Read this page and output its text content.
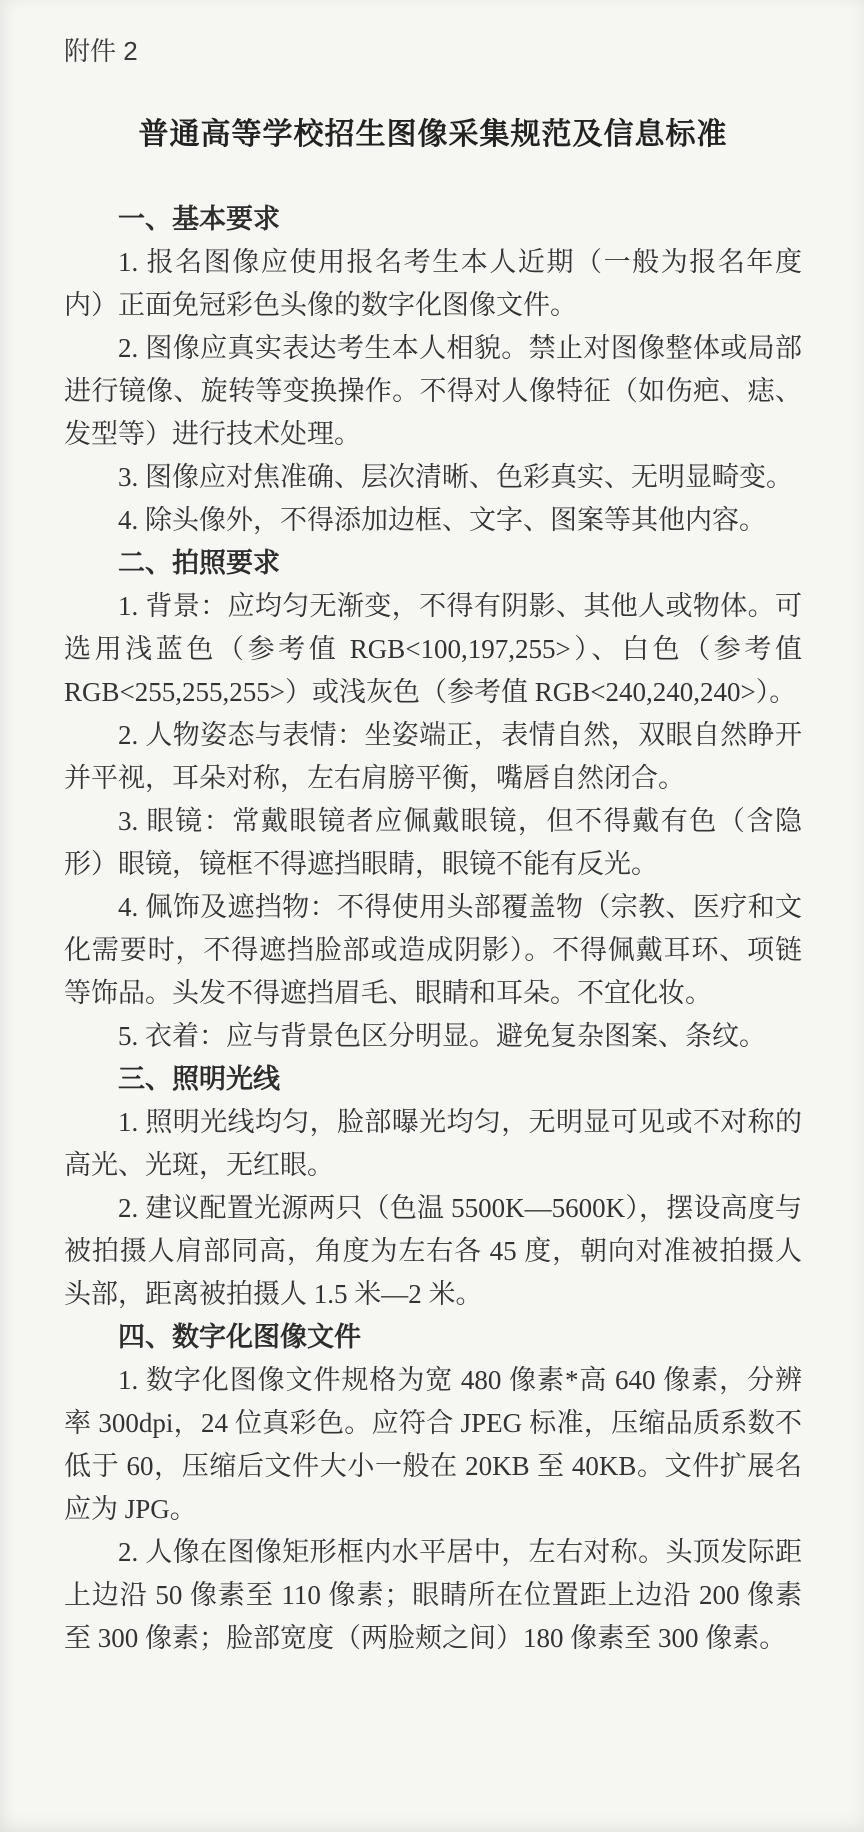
附件 2
普通高等学校招生图像采集规范及信息标准
一、基本要求

1. 报名图像应使用报名考生本人近期（一般为报名年度内）正面免冠彩色头像的数字化图像文件。

2. 图像应真实表达考生本人相貌。禁止对图像整体或局部进行镜像、旋转等变换操作。不得对人像特征（如伤疤、痣、发型等）进行技术处理。

3. 图像应对焦准确、层次清晰、色彩真实、无明显畸变。

4. 除头像外，不得添加边框、文字、图案等其他内容。

二、拍照要求

1. 背景：应均匀无渐变，不得有阴影、其他人或物体。可选用浅蓝色（参考值 RGB<100,197,255>）、白色（参考值 RGB<255,255,255>）或浅灰色（参考值 RGB<240,240,240>）。

2. 人物姿态与表情：坐姿端正，表情自然，双眼自然睁开并平视，耳朵对称，左右肩膀平衡，嘴唇自然闭合。

3. 眼镜：常戴眼镜者应佩戴眼镜，但不得戴有色（含隐形）眼镜，镜框不得遮挡眼睛，眼镜不能有反光。

4. 佩饰及遮挡物：不得使用头部覆盖物（宗教、医疗和文化需要时，不得遮挡脸部或造成阴影）。不得佩戴耳环、项链等饰品。头发不得遮挡眉毛、眼睛和耳朵。不宜化妆。

5. 衣着：应与背景色区分明显。避免复杂图案、条纹。

三、照明光线

1. 照明光线均匀，脸部曝光均匀，无明显可见或不对称的高光、光斑，无红眼。

2. 建议配置光源两只（色温 5500K—5600K），摆设高度与被拍摄人肩部同高，角度为左右各 45 度，朝向对准被拍摄人头部，距离被拍摄人 1.5 米—2 米。

四、数字化图像文件

1. 数字化图像文件规格为宽 480 像素*高 640 像素，分辨率 300dpi，24 位真彩色。应符合 JPEG 标准，压缩品质系数不低于 60，压缩后文件大小一般在 20KB 至 40KB。文件扩展名应为 JPG。

2. 人像在图像矩形框内水平居中，左右对称。头顶发际距上边沿 50 像素至 110 像素；眼睛所在位置距上边沿 200 像素至 300 像素；脸部宽度（两脸颊之间）180 像素至 300 像素。
